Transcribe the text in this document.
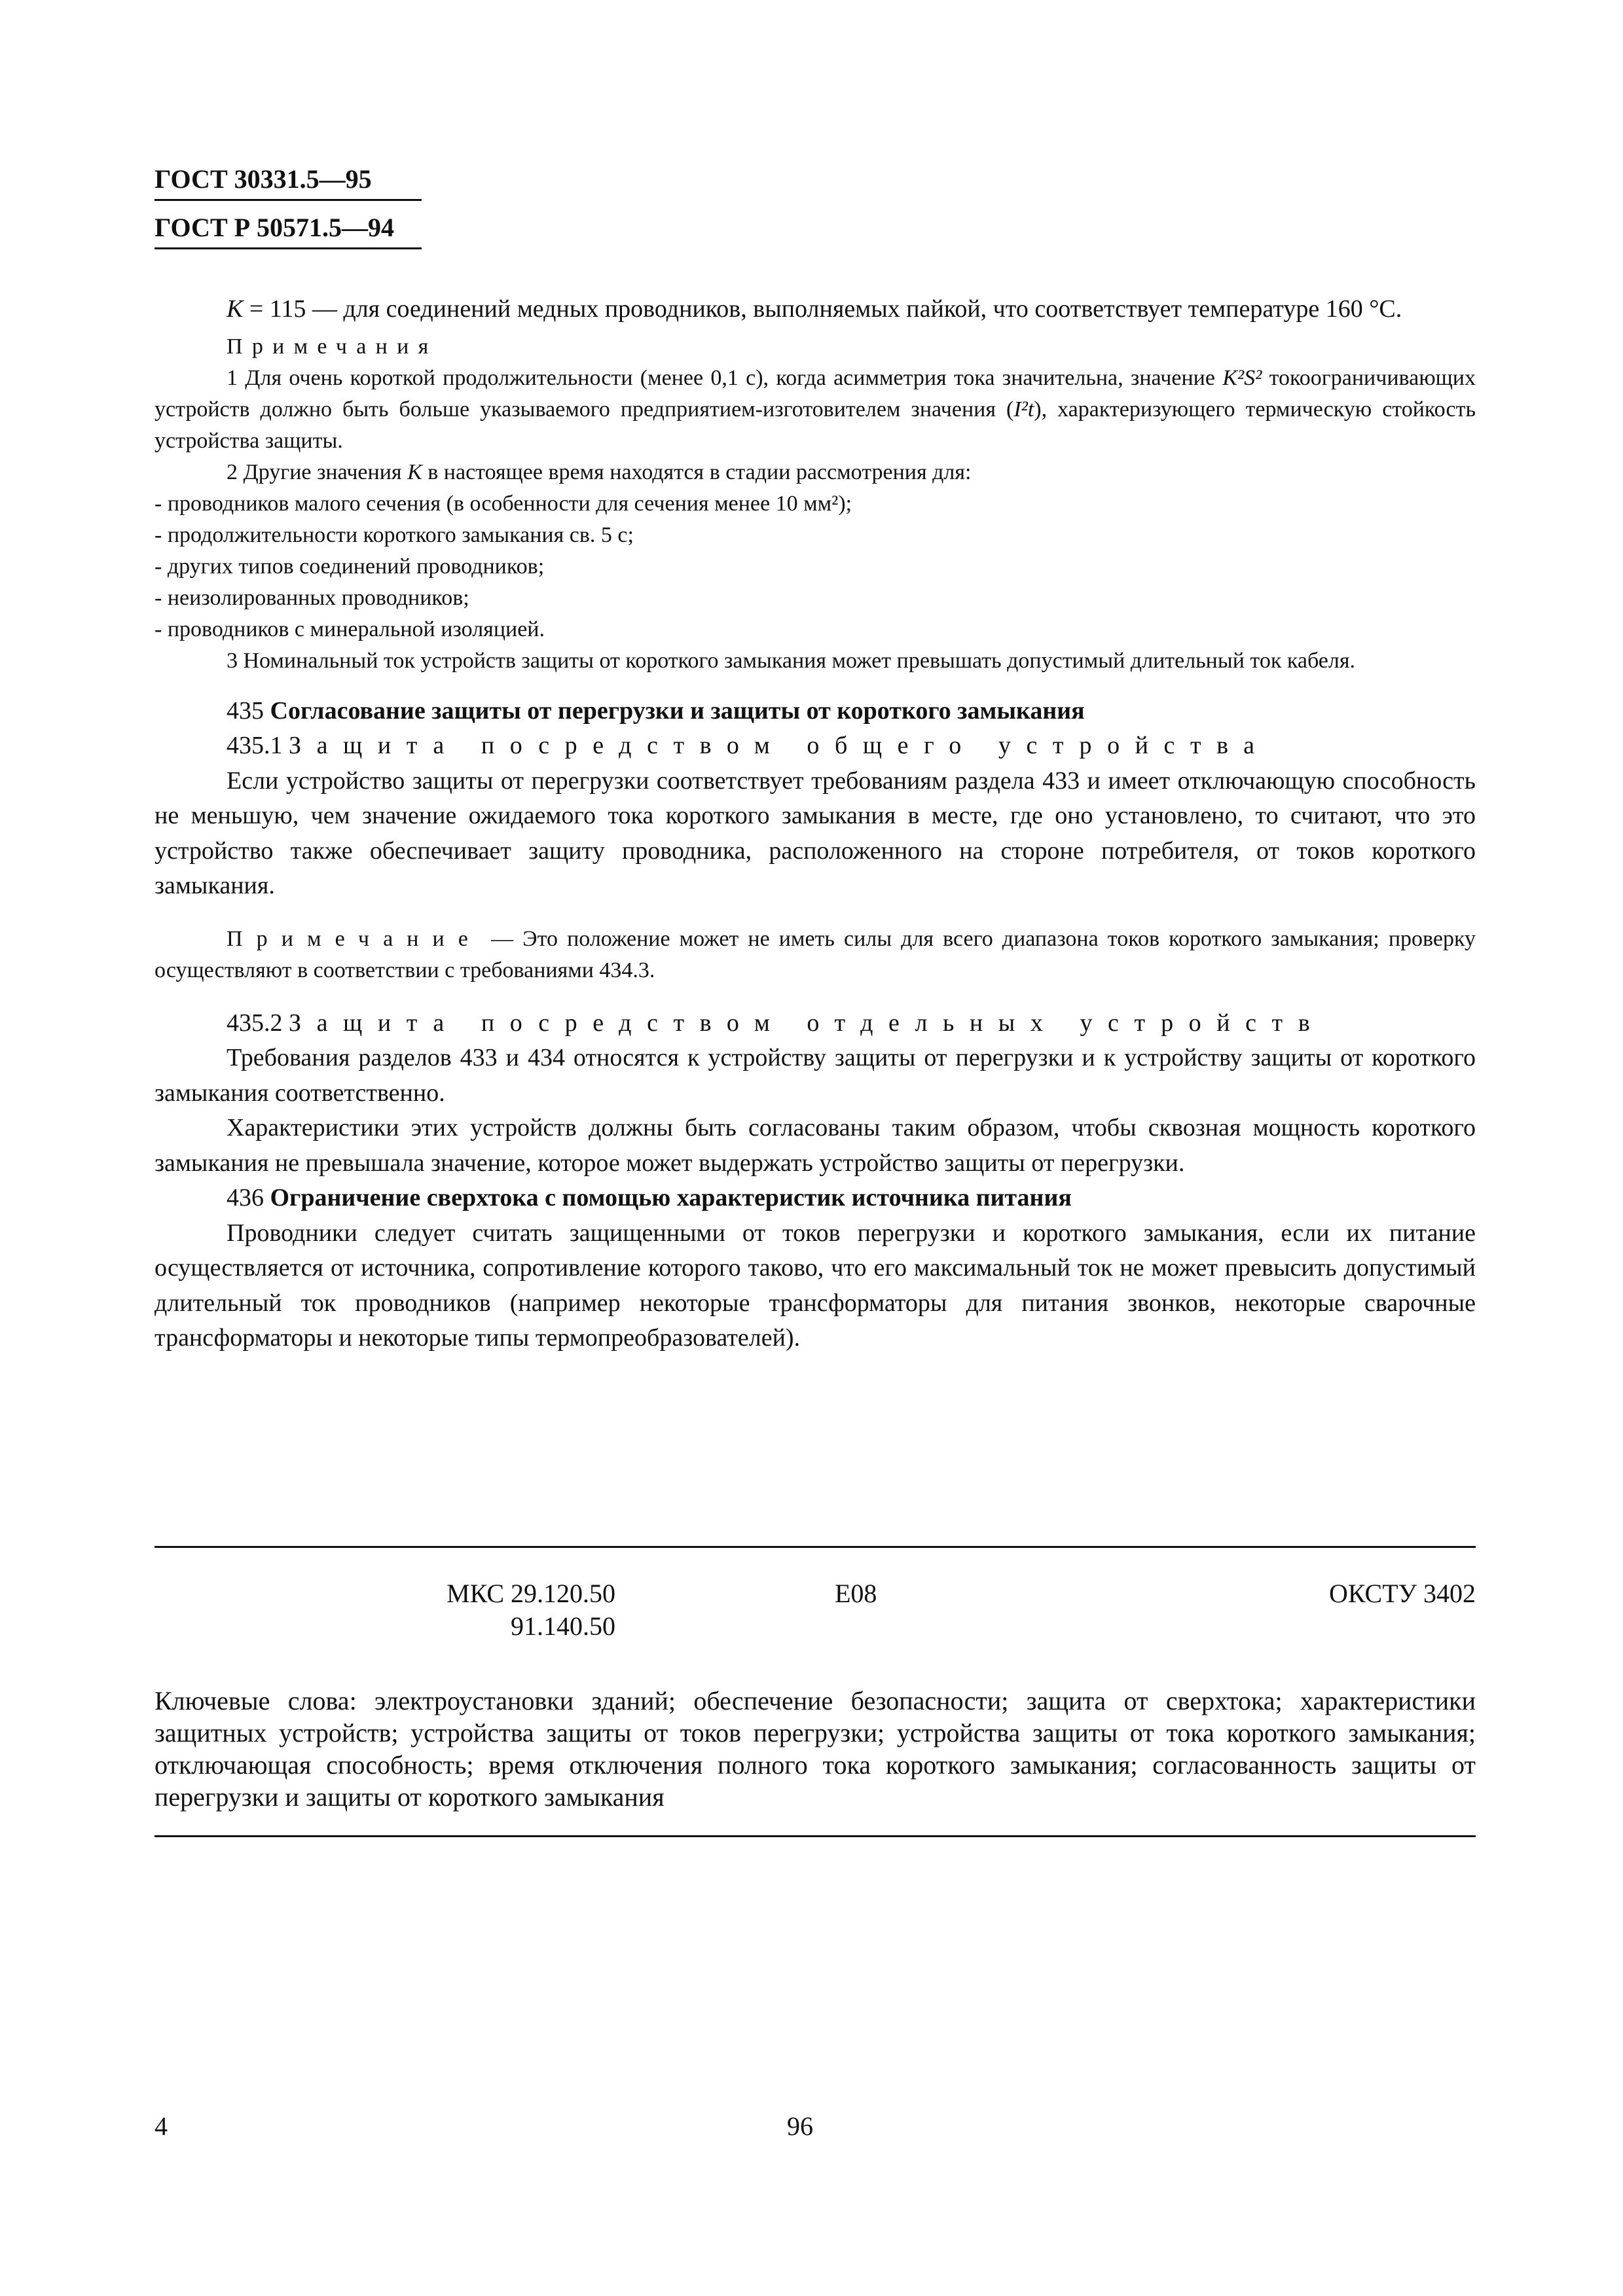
ГОСТ 30331.5—95
ГОСТ Р 50571.5—94

K = 115 — для соединений медных проводников, выполняемых пайкой, что соответствует температуре 160 °С.

Примечания

1 Для очень короткой продолжительности (менее 0,1 с), когда асимметрия тока значительна, значение K²S² токоограничивающих устройств должно быть больше указываемого предприятием-изготовителем значения (I²t), характеризующего термическую стойкость устройства защиты.

2 Другие значения K в настоящее время находятся в стадии рассмотрения для:

- проводников малого сечения (в особенности для сечения менее 10 мм²);

- продолжительности короткого замыкания св. 5 с;

- других типов соединений проводников;

- неизолированных проводников;

- проводников с минеральной изоляцией.

3 Номинальный ток устройств защиты от короткого замыкания может превышать допустимый длительный ток кабеля.

435 Согласование защиты от перегрузки и защиты от короткого замыкания

435.1 Защита посредством общего устройства

Если устройство защиты от перегрузки соответствует требованиям раздела 433 и имеет отключающую способность не меньшую, чем значение ожидаемого тока короткого замыкания в месте, где оно установлено, то считают, что это устройство также обеспечивает защиту проводника, расположенного на стороне потребителя, от токов короткого замыкания.

Примечание — Это положение может не иметь силы для всего диапазона токов короткого замыкания; проверку осуществляют в соответствии с требованиями 434.3.

435.2 Защита посредством отдельных устройств

Требования разделов 433 и 434 относятся к устройству защиты от перегрузки и к устройству защиты от короткого замыкания соответственно.

Характеристики этих устройств должны быть согласованы таким образом, чтобы сквозная мощность короткого замыкания не превышала значение, которое может выдержать устройство защиты от перегрузки.

436 Ограничение сверхтока с помощью характеристик источника питания

Проводники следует считать защищенными от токов перегрузки и короткого замыкания, если их питание осуществляется от источника, сопротивление которого таково, что его максимальный ток не может превысить допустимый длительный ток проводников (например некоторые трансформаторы для питания звонков, некоторые сварочные трансформаторы и некоторые типы термопреобразователей).

МКС 29.120.50
91.140.50
Е08	ОКСТУ 3402
Ключевые слова: электроустановки зданий; обеспечение безопасности; защита от сверхтока; характеристики защитных устройств; устройства защиты от токов перегрузки; устройства защиты от тока короткого замыкания; отключающая способность; время отключения полного тока короткого замыкания; согласованность защиты от перегрузки и защиты от короткого замыкания
4	96
